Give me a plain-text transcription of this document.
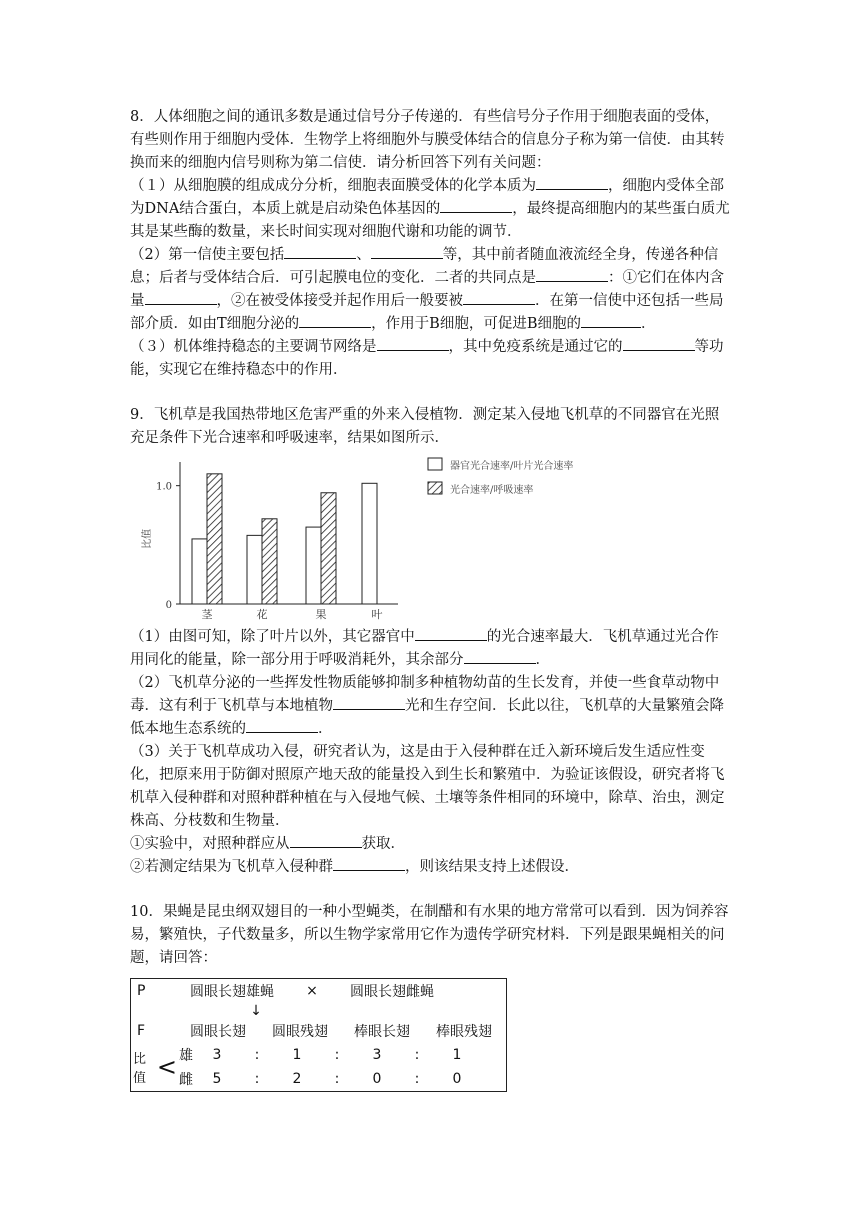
8．人体细胞之间的通讯多数是通过信号分子传递的．有些信号分子作用于细胞表面的受体，有些则作用于细胞内受体．生物学上将细胞外与膜受体结合的信息分子称为第一信使．由其转换而来的细胞内信号则称为第二信使．请分析回答下列有关问题：

（１）从细胞膜的组成成分分析，细胞表面膜受体的化学本质为	，细胞内受体全部为DNA结合蛋白，本质上就是启动染色体基因的	，最终提高细胞内的某些蛋白质尤其是某些酶的数量，来长时间实现对细胞代谢和功能的调节．

（2）第一信使主要包括	、	等，其中前者随血液流经全身，传递各种信息；后者与受体结合后．可引起膜电位的变化．二者的共同点是	：①它们在体内含量	，②在被受体接受并起作用后一般要被	．在第一信使中还包括一些局部介质．如由T细胞分泌的	，作用于B细胞，可促进B细胞的	．

（３）机体维持稳态的主要调节网络是	，其中免疫系统是通过它的	等功能，实现它在维持稳态中的作用．

9．飞机草是我国热带地区危害严重的外来入侵植物．测定某入侵地飞机草的不同器官在光照充足条件下光合速率和呼吸速率，结果如图所示．

0
1.0
比值
茎	花	果	叶
器官光合速率/叶片光合速率
光合速率/呼吸速率

（1）由图可知，除了叶片以外，其它器官中	的光合速率最大．飞机草通过光合作用同化的能量，除一部分用于呼吸消耗外，其余部分	．

（2）飞机草分泌的一些挥发性物质能够抑制多种植物幼苗的生长发育，并使一些食草动物中毒．这有利于飞机草与本地植物	光和生存空间．长此以往，飞机草的大量繁殖会降低本地生态系统的	．

（3）关于飞机草成功入侵，研究者认为，这是由于入侵种群在迁入新环境后发生适应性变化，把原来用于防御对照原产地天敌的能量投入到生长和繁殖中．为验证该假设，研究者将飞机草入侵种群和对照种群种植在与入侵地气候、土壤等条件相同的环境中，除草、治虫，测定株高、分枝数和生物量．

①实验中，对照种群应从	获取．

②若测定结果为飞机草入侵种群	，则该结果支持上述假设．

10．果蝇是昆虫纲双翅目的一种小型蝇类，在制醋和有水果的地方常常可以看到．因为饲养容易，繁殖快，子代数量多，所以生物学家常用它作为遗传学研究材料．下列是跟果蝇相关的问题，请回答：

P	圆眼长翅雄蝇	×	圆眼长翅雌蝇
↓
F	圆眼长翅	圆眼残翅	棒眼长翅	棒眼残翅
比值 < 雄	3	:	1	:	3	:	1
雌	5	:	2	:	0	:	0
